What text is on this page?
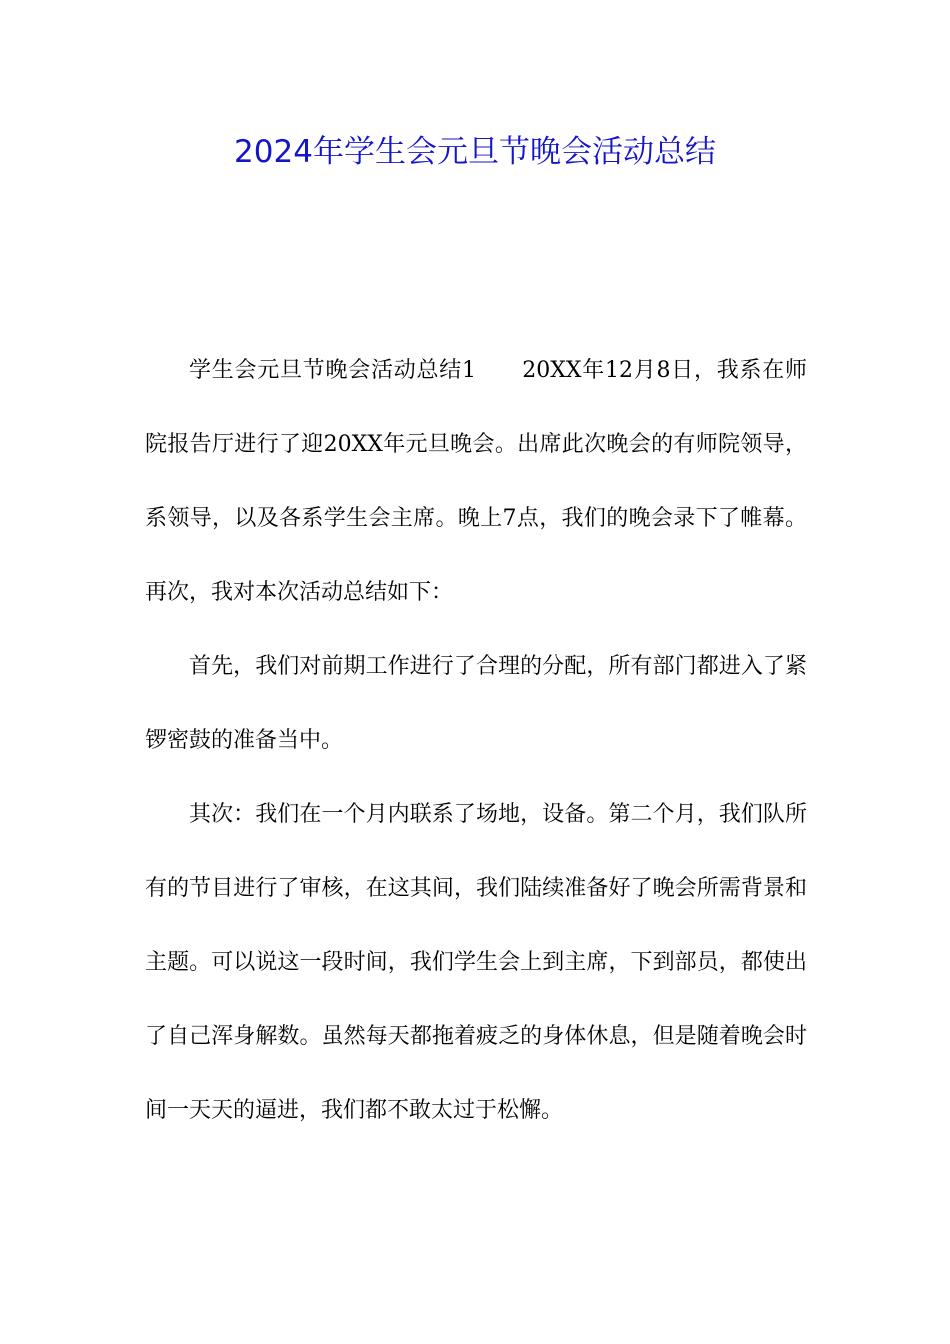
2024年学生会元旦节晚会活动总结

学生会元旦节晚会活动总结1　　20XX年12月8日，我系在师院报告厅进行了迎20XX年元旦晚会。出席此次晚会的有师院领导，系领导，以及各系学生会主席。晚上7点，我们的晚会录下了帷幕。再次，我对本次活动总结如下：

首先，我们对前期工作进行了合理的分配，所有部门都进入了紧锣密鼓的准备当中。

其次：我们在一个月内联系了场地，设备。第二个月，我们队所有的节目进行了审核，在这其间，我们陆续准备好了晚会所需背景和主题。可以说这一段时间，我们学生会上到主席，下到部员，都使出了自己浑身解数。虽然每天都拖着疲乏的身体休息，但是随着晚会时间一天天的逼进，我们都不敢太过于松懈。
